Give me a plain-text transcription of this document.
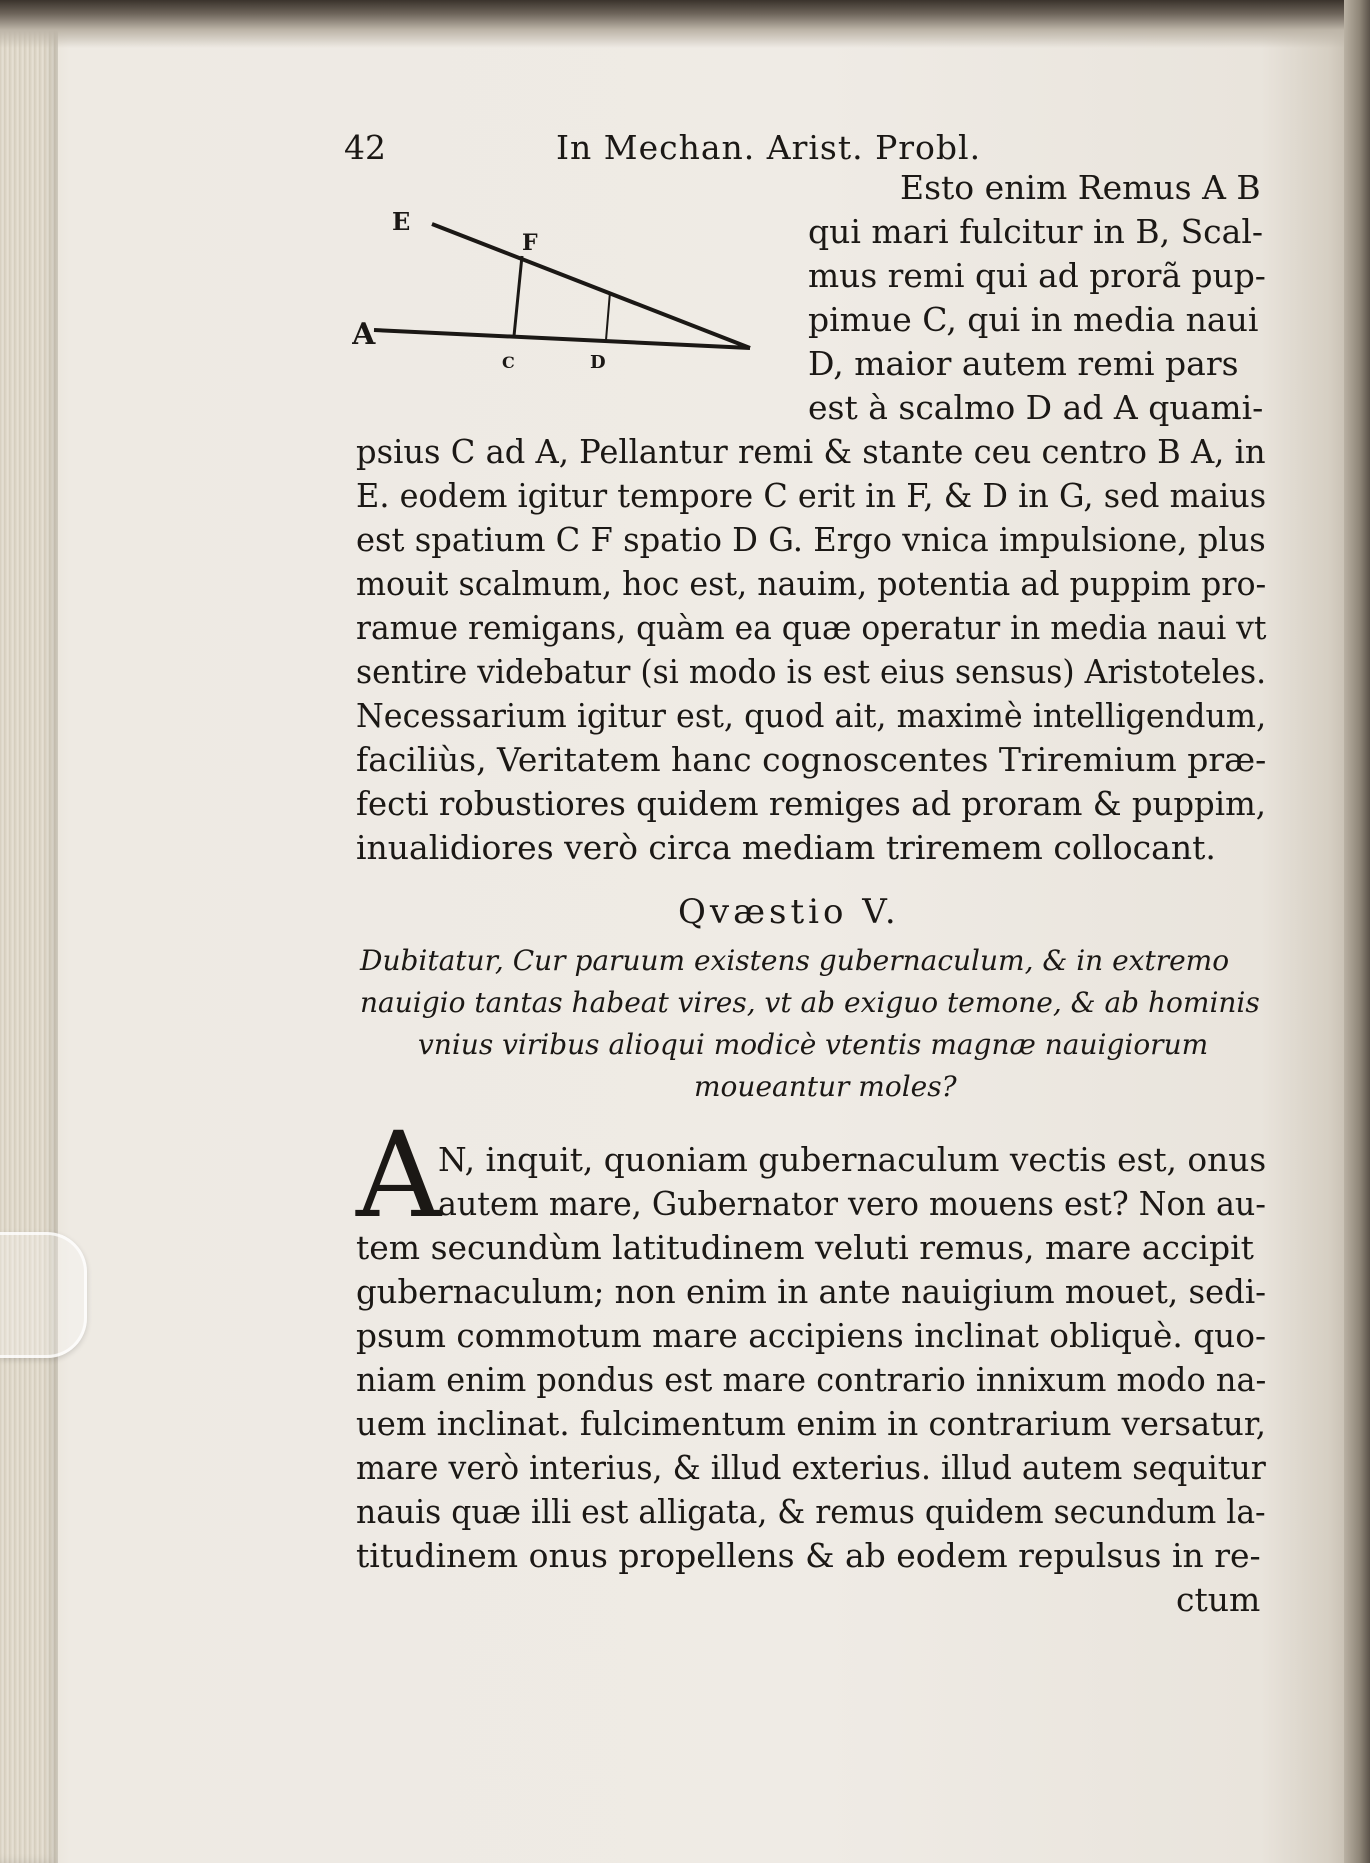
42	In Mechan. Arist. Probl.
E
F
A
C	D
Esto enim Remus A B
qui mari fulcitur in B, Scal-
mus remi qui ad prorã pup-
pimue C, qui in media naui
D, maior autem remi pars
est à scalmo D ad A quami-
psius C ad A, Pellantur remi & stante ceu centro B A, in
E. eodem igitur tempore C erit in F, & D in G, sed maius
est spatium C F spatio D G. Ergo vnica impulsione, plus
mouit scalmum, hoc est, nauim, potentia ad puppim pro-
ramue remigans, quàm ea quæ operatur in media naui vt
sentire videbatur (si modo is est eius sensus) Aristoteles.
Necessarium igitur est, quod ait, maximè intelligendum,
faciliùs, Veritatem hanc cognoscentes Triremium præ-
fecti robustiores quidem remiges ad proram & puppim,
inualidiores verò circa mediam triremem collocant.
Qvæstio V.
Dubitatur, Cur paruum existens gubernaculum, & in extremo
nauigio tantas habeat vires, vt ab exiguo temone, & ab hominis
vnius viribus alioqui modicè vtentis magnæ nauigiorum
moueantur moles?
A
N, inquit, quoniam gubernaculum vectis est, onus
autem mare, Gubernator vero mouens est? Non au-
tem secundùm latitudinem veluti remus, mare accipit
gubernaculum; non enim in ante nauigium mouet, sedi-
psum commotum mare accipiens inclinat obliquè. quo-
niam enim pondus est mare contrario innixum modo na-
uem inclinat. fulcimentum enim in contrarium versatur,
mare verò interius, & illud exterius. illud autem sequitur
nauis quæ illi est alligata, & remus quidem secundum la-
titudinem onus propellens & ab eodem repulsus in re-
ctum
